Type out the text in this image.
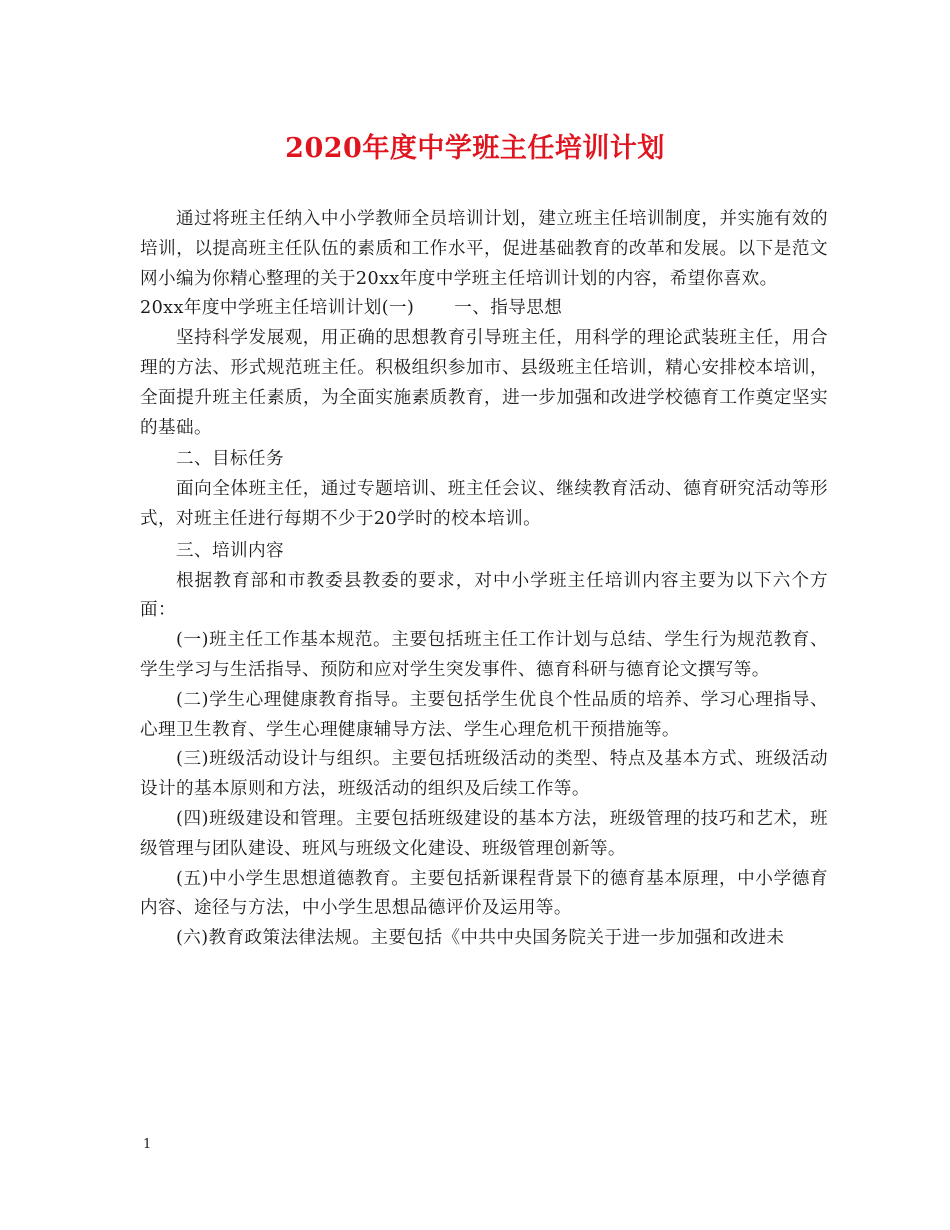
2020年度中学班主任培训计划

通过将班主任纳入中小学教师全员培训计划，建立班主任培训制度，并实施有效的培训，以提高班主任队伍的素质和工作水平，促进基础教育的改革和发展。以下是范文网小编为你精心整理的关于20xx年度中学班主任培训计划的内容，希望你喜欢。

20xx年度中学班主任培训计划(一) 一、指导思想

坚持科学发展观，用正确的思想教育引导班主任，用科学的理论武装班主任，用合理的方法、形式规范班主任。积极组织参加市、县级班主任培训，精心安排校本培训，全面提升班主任素质，为全面实施素质教育，进一步加强和改进学校德育工作奠定坚实的基础。

二、目标任务

面向全体班主任，通过专题培训、班主任会议、继续教育活动、德育研究活动等形式，对班主任进行每期不少于20学时的校本培训。

三、培训内容

根据教育部和市教委县教委的要求，对中小学班主任培训内容主要为以下六个方面：

(一)班主任工作基本规范。主要包括班主任工作计划与总结、学生行为规范教育、学生学习与生活指导、预防和应对学生突发事件、德育科研与德育论文撰写等。

(二)学生心理健康教育指导。主要包括学生优良个性品质的培养、学习心理指导、心理卫生教育、学生心理健康辅导方法、学生心理危机干预措施等。

(三)班级活动设计与组织。主要包括班级活动的类型、特点及基本方式、班级活动设计的基本原则和方法，班级活动的组织及后续工作等。

(四)班级建设和管理。主要包括班级建设的基本方法，班级管理的技巧和艺术，班级管理与团队建设、班风与班级文化建设、班级管理创新等。

(五)中小学生思想道德教育。主要包括新课程背景下的德育基本原理，中小学德育内容、途径与方法，中小学生思想品德评价及运用等。

(六)教育政策法律法规。主要包括《中共中央国务院关于进一步加强和改进未

1
